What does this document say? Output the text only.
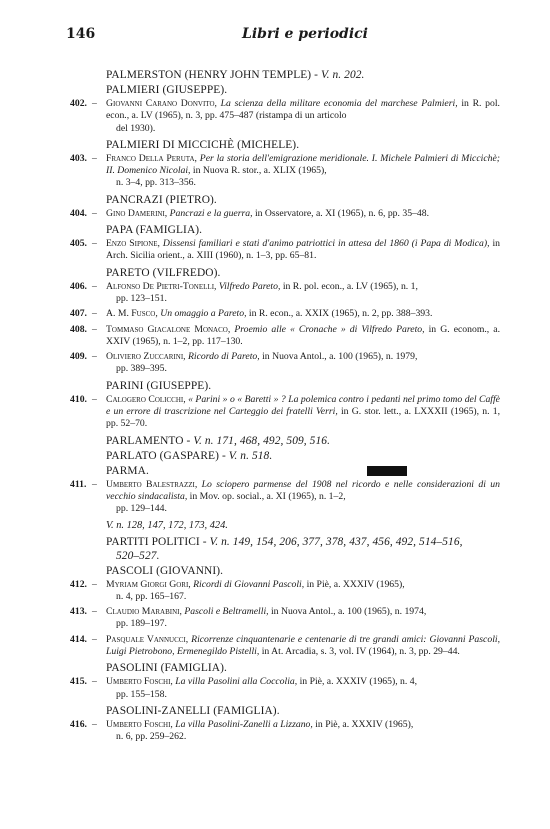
146	Libri e periodici
PALMERSTON (HENRY JOHN TEMPLE) - V. n. 202.
PALMIERI (GIUSEPPE).
402. – Giovanni Carano Donvito, La scienza della militare economia del marchese Palmieri, in R. pol. econ., a. LV (1965), n. 3, pp. 475–487 (ristampa di un articolo
del 1930).
PALMIERI DI MICCICHÈ (MICHELE).
403. – Franco Della Peruta, Per la storia dell'emigrazione meridionale. I. Michele Palmieri di Miccichè; II. Domenico Nicolai, in Nuova R. stor., a. XLIX (1965),
n. 3–4, pp. 313–356.
PANCRAZI (PIETRO).
404. – Gino Damerini, Pancrazi e la guerra, in Osservatore, a. XI (1965), n. 6, pp. 35–48.
PAPA (FAMIGLIA).
405. – Enzo Sipione, Dissensi familiari e stati d'animo patriottici in attesa del 1860 (i Papa di Modica), in Arch. Sicilia orient., a. XIII (1960), n. 1–3, pp. 65–81.
PARETO (VILFREDO).
406. – Alfonso De Pietri-Tonelli, Vilfredo Pareto, in R. pol. econ., a. LV (1965), n. 1,
pp. 123–151.
407. – A. M. Fusco, Un omaggio a Pareto, in R. econ., a. XXIX (1965), n. 2, pp. 388–393.
408. – Tommaso Giacalone Monaco, Proemio alle « Cronache » di Vilfredo Pareto, in G. econom., a. XXIV (1965), n. 1–2, pp. 117–130.
409. – Oliviero Zuccarini, Ricordo di Pareto, in Nuova Antol., a. 100 (1965), n. 1979,
pp. 389–395.
PARINI (GIUSEPPE).
410. – Calogero Colicchi, « Parini » o « Baretti » ? La polemica contro i pedanti nel primo tomo del Caffè e un errore di trascrizione nel Carteggio dei fratelli Verri, in G. stor. lett., a. LXXXII (1965), n. 1, pp. 52–70.
PARLAMENTO - V. n. 171, 468, 492, 509, 516.
PARLATO (GASPARE) - V. n. 518.
PARMA.
411. – Umberto Balestrazzi, Lo sciopero parmense del 1908 nel ricordo e nelle considerazioni di un vecchio sindacalista, in Mov. op. social., a. XI (1965), n. 1–2,
pp. 129–144.
V. n. 128, 147, 172, 173, 424.
PARTITI POLITICI - V. n. 149, 154, 206, 377, 378, 437, 456, 492, 514–516,
520–527.
PASCOLI (GIOVANNI).
412. – Myriam Giorgi Gori, Ricordi di Giovanni Pascoli, in Piè, a. XXXIV (1965),
n. 4, pp. 165–167.
413. – Claudio Marabini, Pascoli e Beltramelli, in Nuova Antol., a. 100 (1965), n. 1974,
pp. 189–197.
414. – Pasquale Vannucci, Ricorrenze cinquantenarie e centenarie di tre grandi amici: Giovanni Pascoli, Luigi Pietrobono, Ermenegildo Pistelli, in At. Arcadia, s. 3, vol. IV (1964), n. 3, pp. 29–44.
PASOLINI (FAMIGLIA).
415. – Umberto Foschi, La villa Pasolini alla Coccolia, in Piè, a. XXXIV (1965), n. 4,
pp. 155–158.
PASOLINI-ZANELLI (FAMIGLIA).
416. – Umberto Foschi, La villa Pasolini-Zanelli a Lizzano, in Piè, a. XXXIV (1965),
n. 6, pp. 259–262.
